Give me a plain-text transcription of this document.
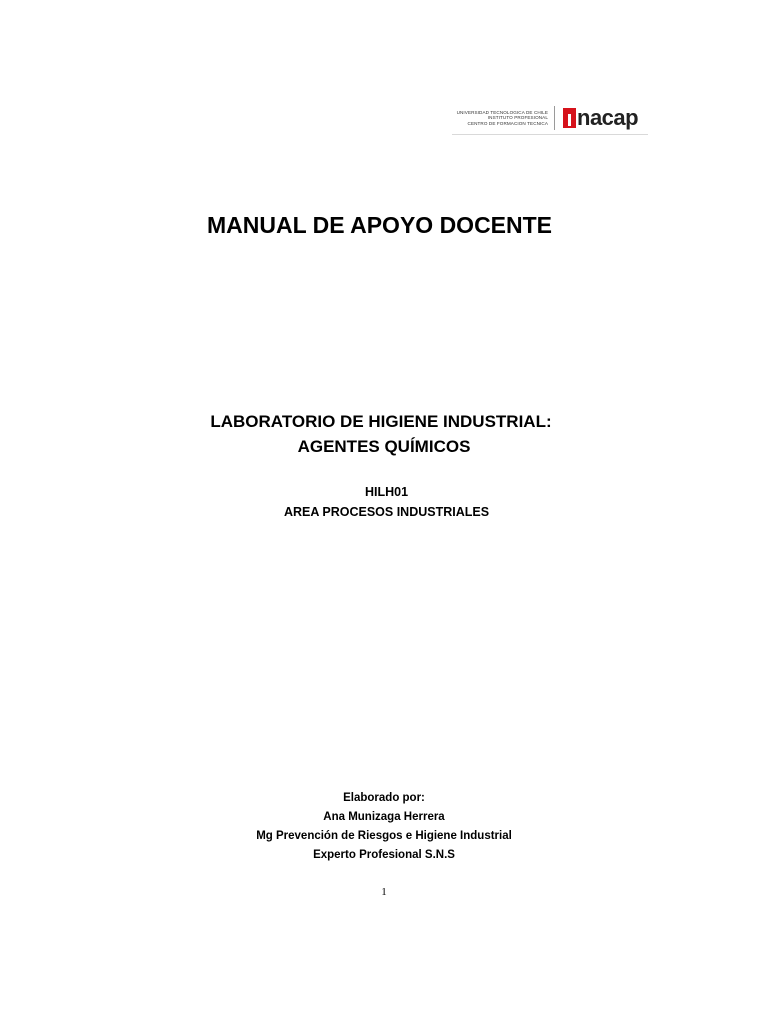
UNIVERSIDAD TECNOLOGICA DE CHILE
INSTITUTO PROFESIONAL
CENTRO DE FORMACION TECNICA nacap
MANUAL DE APOYO DOCENTE
LABORATORIO DE HIGIENE INDUSTRIAL:
AGENTES QUÍMICOS
HILH01
AREA PROCESOS INDUSTRIALES
Elaborado por:
Ana Munizaga Herrera
Mg Prevención de Riesgos e Higiene Industrial
Experto Profesional S.N.S
1
